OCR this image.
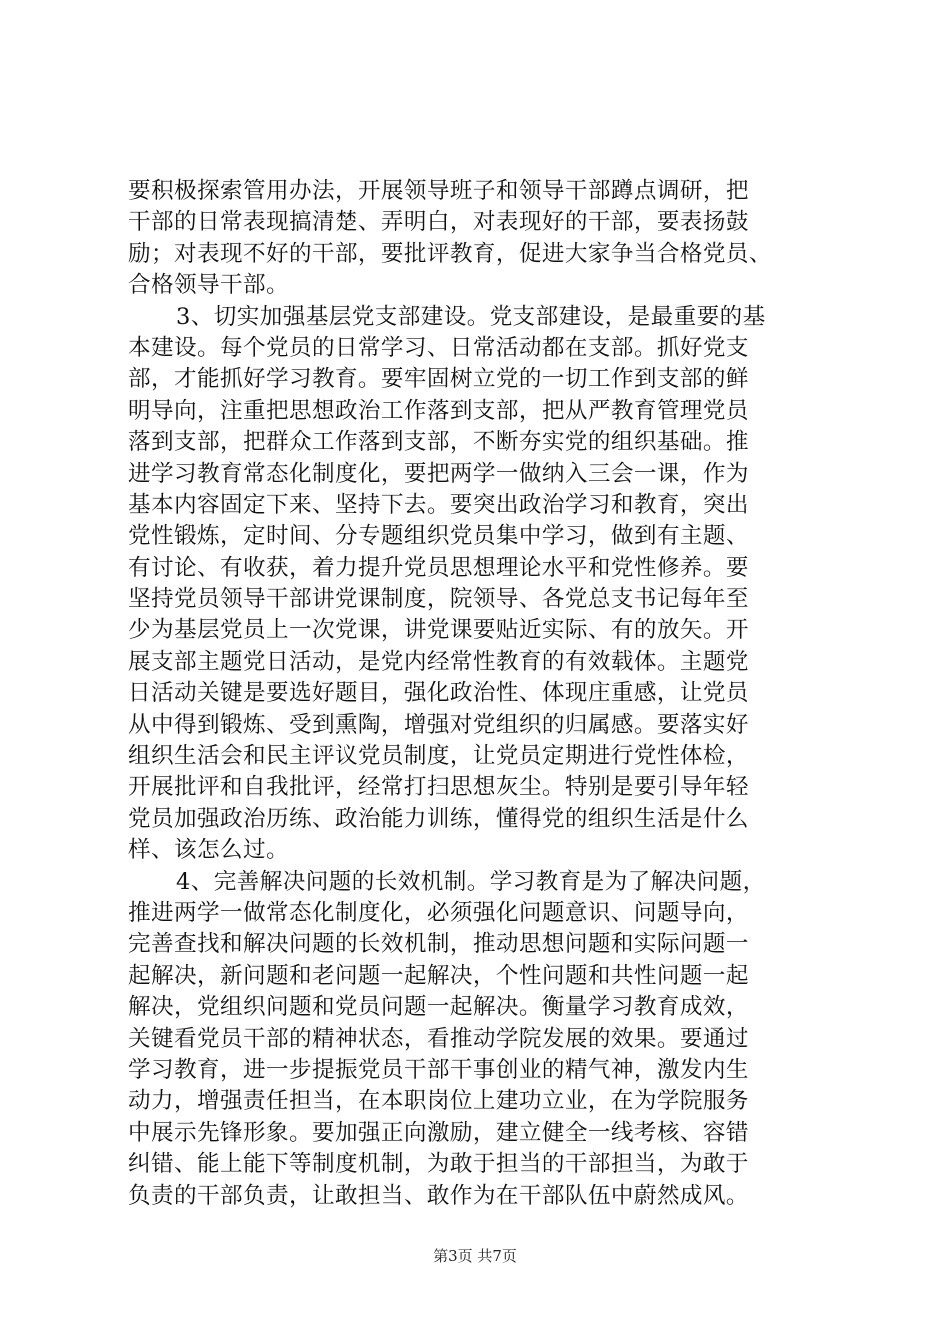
要积极探索管用办法，开展领导班子和领导干部蹲点调研，把
干部的日常表现搞清楚、弄明白，对表现好的干部，要表扬鼓
励；对表现不好的干部，要批评教育，促进大家争当合格党员、
合格领导干部。
3、切实加强基层党支部建设。党支部建设，是最重要的基
本建设。每个党员的日常学习、日常活动都在支部。抓好党支
部，才能抓好学习教育。要牢固树立党的一切工作到支部的鲜
明导向，注重把思想政治工作落到支部，把从严教育管理党员
落到支部，把群众工作落到支部，不断夯实党的组织基础。推
进学习教育常态化制度化，要把两学一做纳入三会一课，作为
基本内容固定下来、坚持下去。要突出政治学习和教育，突出
党性锻炼，定时间、分专题组织党员集中学习，做到有主题、
有讨论、有收获，着力提升党员思想理论水平和党性修养。要
坚持党员领导干部讲党课制度，院领导、各党总支书记每年至
少为基层党员上一次党课，讲党课要贴近实际、有的放矢。开
展支部主题党日活动，是党内经常性教育的有效载体。主题党
日活动关键是要选好题目，强化政治性、体现庄重感，让党员
从中得到锻炼、受到熏陶，增强对党组织的归属感。要落实好
组织生活会和民主评议党员制度，让党员定期进行党性体检，
开展批评和自我批评，经常打扫思想灰尘。特别是要引导年轻
党员加强政治历练、政治能力训练，懂得党的组织生活是什么
样、该怎么过。
4、完善解决问题的长效机制。学习教育是为了解决问题，
推进两学一做常态化制度化，必须强化问题意识、问题导向，
完善查找和解决问题的长效机制，推动思想问题和实际问题一
起解决，新问题和老问题一起解决，个性问题和共性问题一起
解决，党组织问题和党员问题一起解决。衡量学习教育成效，
关键看党员干部的精神状态，看推动学院发展的效果。要通过
学习教育，进一步提振党员干部干事创业的精气神，激发内生
动力，增强责任担当，在本职岗位上建功立业，在为学院服务
中展示先锋形象。要加强正向激励，建立健全一线考核、容错
纠错、能上能下等制度机制，为敢于担当的干部担当，为敢于
负责的干部负责，让敢担当、敢作为在干部队伍中蔚然成风。
第3页 共7页
